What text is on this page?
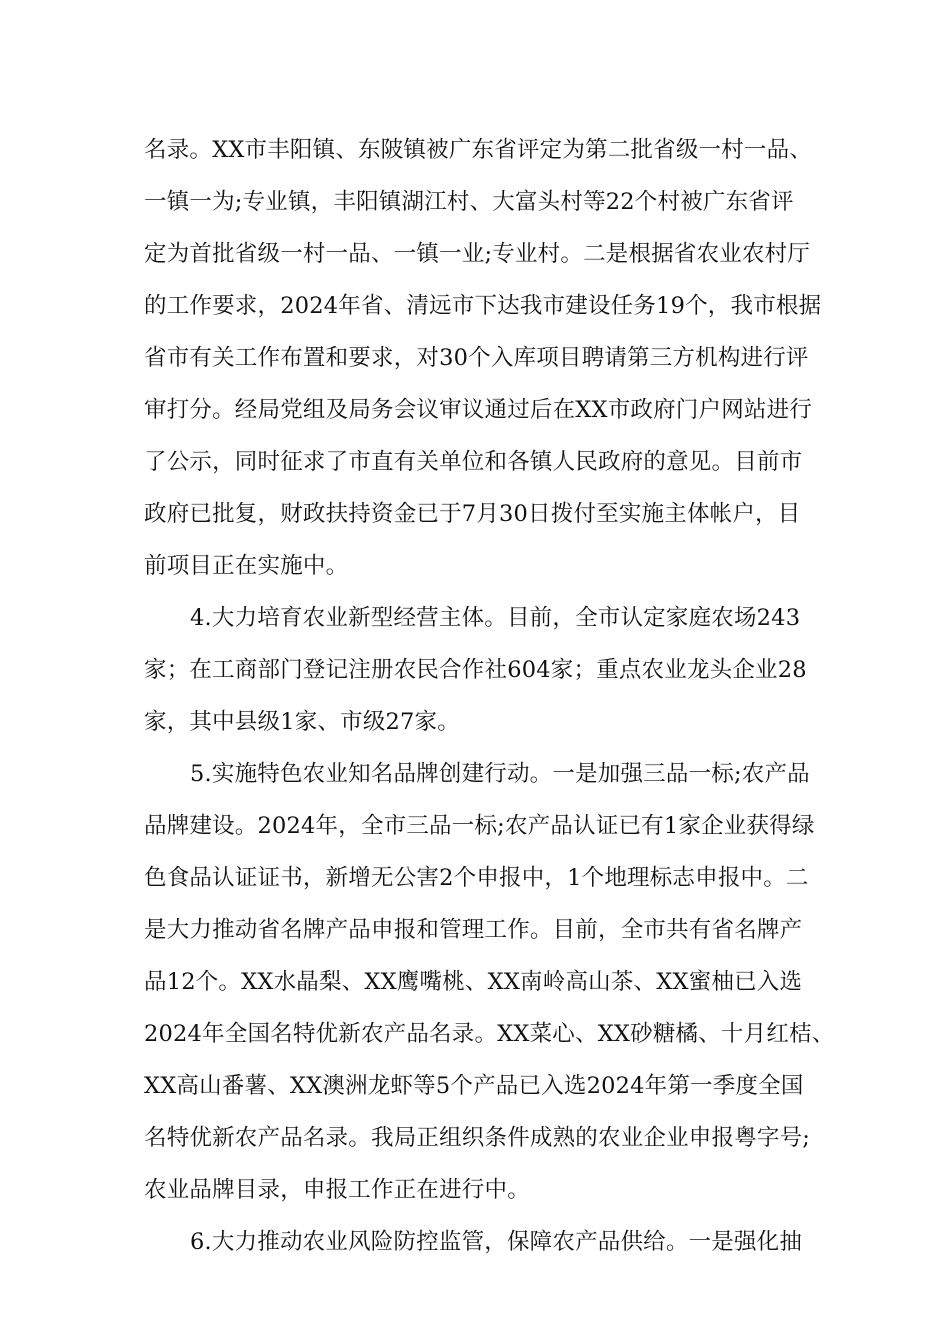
名录。XX市丰阳镇、东陂镇被广东省评定为第二批省级一村一品、
一镇一为;专业镇，丰阳镇湖江村、大富头村等22个村被广东省评
定为首批省级一村一品、一镇一业;专业村。二是根据省农业农村厅
的工作要求，2024年省、清远市下达我市建设任务19个，我市根据
省市有关工作布置和要求，对30个入库项目聘请第三方机构进行评
审打分。经局党组及局务会议审议通过后在XX市政府门户网站进行
了公示，同时征求了市直有关单位和各镇人民政府的意见。目前市
政府已批复，财政扶持资金已于7月30日拨付至实施主体帐户，目
前项目正在实施中。
4.大力培育农业新型经营主体。目前，全市认定家庭农场243
家；在工商部门登记注册农民合作社604家；重点农业龙头企业28
家，其中县级1家、市级27家。
5.实施特色农业知名品牌创建行动。一是加强三品一标;农产品
品牌建设。2024年，全市三品一标;农产品认证已有1家企业获得绿
色食品认证证书，新增无公害2个申报中，1个地理标志申报中。二
是大力推动省名牌产品申报和管理工作。目前，全市共有省名牌产
品12个。XX水晶梨、XX鹰嘴桃、XX南岭高山茶、XX蜜柚已入选
2024年全国名特优新农产品名录。XX菜心、XX砂糖橘、十月红桔、
XX高山番薯、XX澳洲龙虾等5个产品已入选2024年第一季度全国
名特优新农产品名录。我局正组织条件成熟的农业企业申报粤字号;
农业品牌目录，申报工作正在进行中。
6.大力推动农业风险防控监管，保障农产品供给。一是强化抽
